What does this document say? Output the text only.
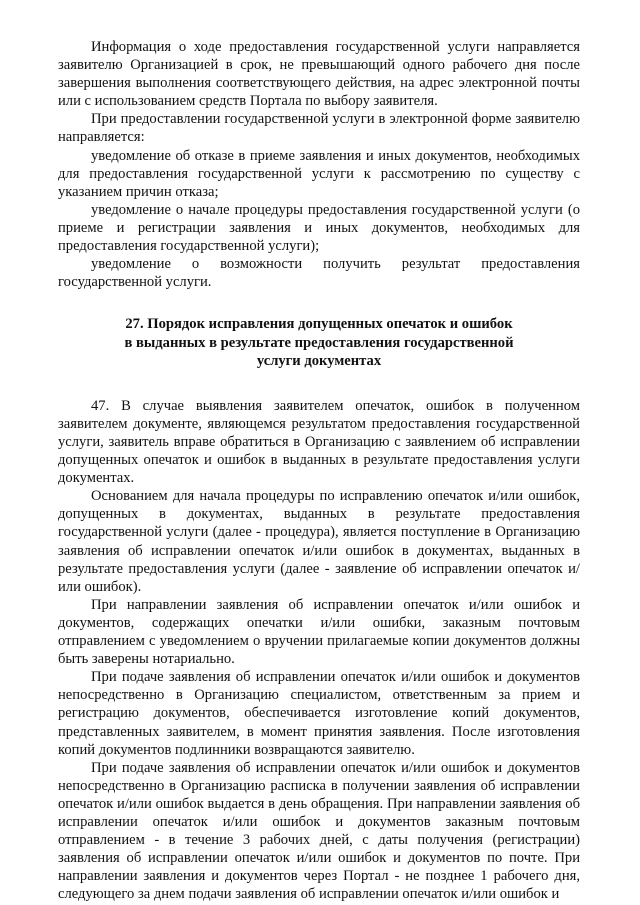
Информация о ходе предоставления государственной услуги направляется заявителю Организацией в срок, не превышающий одного рабочего дня после завершения выполнения соответствующего действия, на адрес электронной почты или с использованием средств Портала по выбору заявителя.

При предоставлении государственной услуги в электронной форме заявителю направляется:

уведомление об отказе в приеме заявления и иных документов, необходимых для предоставления государственной услуги к рассмотрению по существу с указанием причин отказа;

уведомление о начале процедуры предоставления государственной услуги (о приеме и регистрации заявления и иных документов, необходимых для предоставления государственной услуги);

уведомление о возможности получить результат предоставления государственной услуги.

27. Порядок исправления допущенных опечаток и ошибок
в выданных в результате предоставления государственной
услуги документах

47. В случае выявления заявителем опечаток, ошибок в полученном заявителем документе, являющемся результатом предоставления государственной услуги, заявитель вправе обратиться в Организацию с заявлением об исправлении допущенных опечаток и ошибок в выданных в результате предоставления услуги документах.

Основанием для начала процедуры по исправлению опечаток и/или ошибок, допущенных в документах, выданных в результате предоставления государственной услуги (далее - процедура), является поступление в Организацию заявления об исправлении опечаток и/или ошибок в документах, выданных в результате предоставления услуги (далее - заявление об исправлении опечаток и/или ошибок).

При направлении заявления об исправлении опечаток и/или ошибок и документов, содержащих опечатки и/или ошибки, заказным почтовым отправлением с уведомлением о вручении прилагаемые копии документов должны быть заверены нотариально.

При подаче заявления об исправлении опечаток и/или ошибок и документов непосредственно в Организацию специалистом, ответственным за прием и регистрацию документов, обеспечивается изготовление копий документов, представленных заявителем, в момент принятия заявления. После изготовления копий документов подлинники возвращаются заявителю.

При подаче заявления об исправлении опечаток и/или ошибок и документов непосредственно в Организацию расписка в получении заявления об исправлении опечаток и/или ошибок выдается в день обращения. При направлении заявления об исправлении опечаток и/или ошибок и документов заказным почтовым отправлением - в течение 3 рабочих дней, с даты получения (регистрации) заявления об исправлении опечаток и/или ошибок и документов по почте. При направлении заявления и документов через Портал - не позднее 1 рабочего дня, следующего за днем подачи заявления об исправлении опечаток и/или ошибок и
